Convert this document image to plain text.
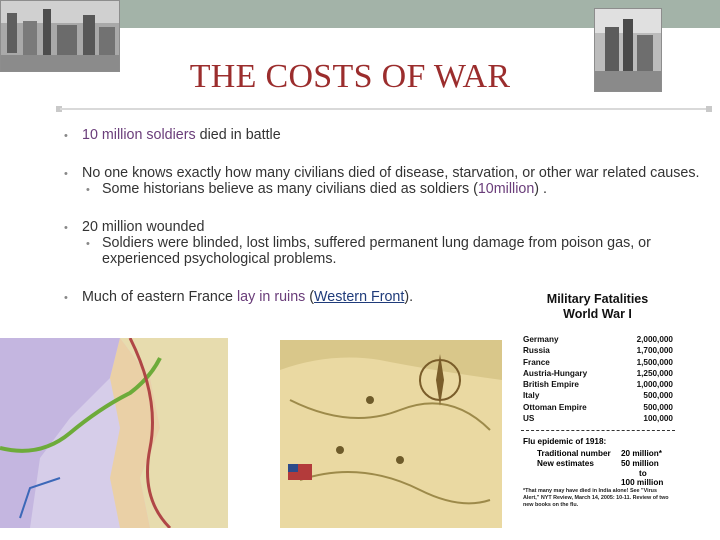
THE COSTS OF WAR
• 10 million soldiers died in battle
• No one knows exactly how many civilians died of disease, starvation, or other war related causes.
• Some historians believe as many civilians died as soldiers (10million) .
• 20 million wounded
• Soldiers were blinded, lost limbs, suffered permanent lung damage from poison gas, or experienced psychological problems.
• Much of eastern France lay in ruins (Western Front).	Military Fatalities
World War I
Germany	2,000,000
Russia	1,700,000
France	1,500,000
Austria-Hungary	1,250,000
British Empire	1,000,000
Italy	500,000
Ottoman Empire	500,000
US	100,000
Flu epidemic of 1918:
Traditional number 20 million*
New estimates	50 million
to
100 million
*That many may have died in India alone! See "Virus Alert," NYT Review, March 14, 2005: 10-11. Review of two new books on the flu.
